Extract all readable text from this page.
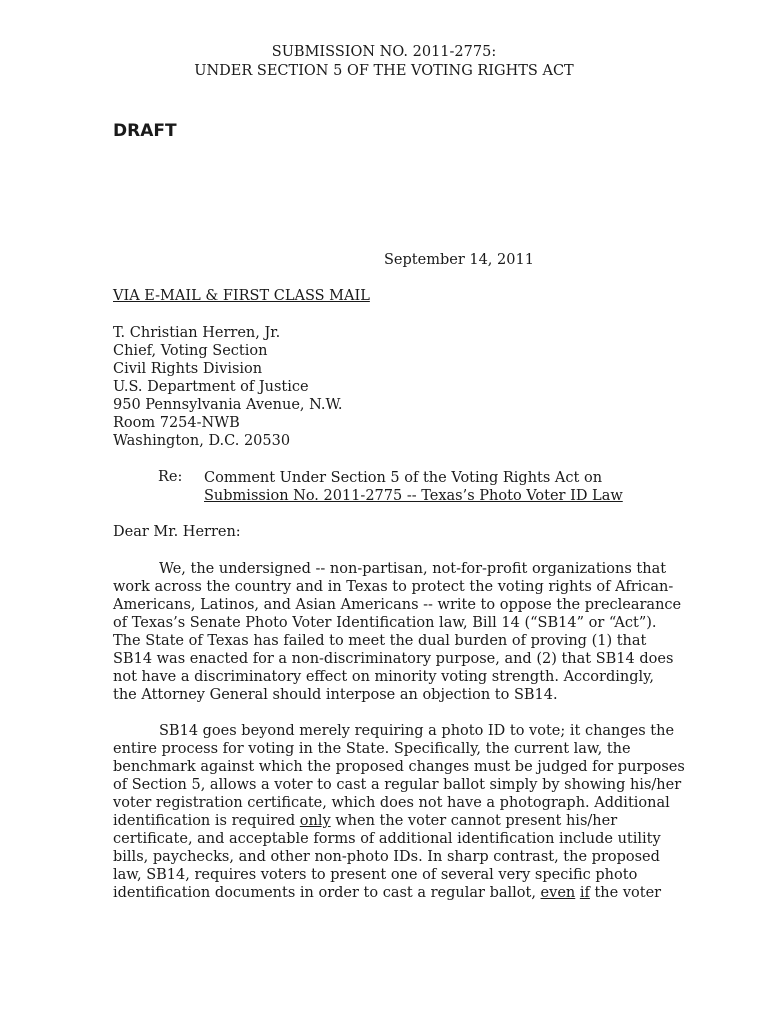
SUBMISSION NO. 2011-2775:
UNDER SECTION 5 OF THE VOTING RIGHTS ACT
DRAFT
September 14, 2011
VIA E-MAIL & FIRST CLASS MAIL
T. Christian Herren, Jr.
Chief, Voting Section
Civil Rights Division
U.S. Department of Justice
950 Pennsylvania Avenue, N.W.
Room 7254-NWB
Washington, D.C. 20530
Re: Comment Under Section 5 of the Voting Rights Act on
Submission No. 2011-2775 -- Texas’s Photo Voter ID Law
Dear Mr. Herren:
We, the undersigned -- non-partisan, not-for-profit organizations that
work across the country and in Texas to protect the voting rights of African-
Americans, Latinos, and Asian Americans -- write to oppose the preclearance
of Texas’s Senate Photo Voter Identification law, Bill 14 (“SB14” or “Act”).
The State of Texas has failed to meet the dual burden of proving (1) that
SB14 was enacted for a non-discriminatory purpose, and (2) that SB14 does
not have a discriminatory effect on minority voting strength. Accordingly,
the Attorney General should interpose an objection to SB14.
SB14 goes beyond merely requiring a photo ID to vote; it changes the
entire process for voting in the State. Specifically, the current law, the
benchmark against which the proposed changes must be judged for purposes
of Section 5, allows a voter to cast a regular ballot simply by showing his/her
voter registration certificate, which does not have a photograph. Additional
identification is required only when the voter cannot present his/her
certificate, and acceptable forms of additional identification include utility
bills, paychecks, and other non-photo IDs. In sharp contrast, the proposed
law, SB14, requires voters to present one of several very specific photo
identification documents in order to cast a regular ballot, even if the voter
